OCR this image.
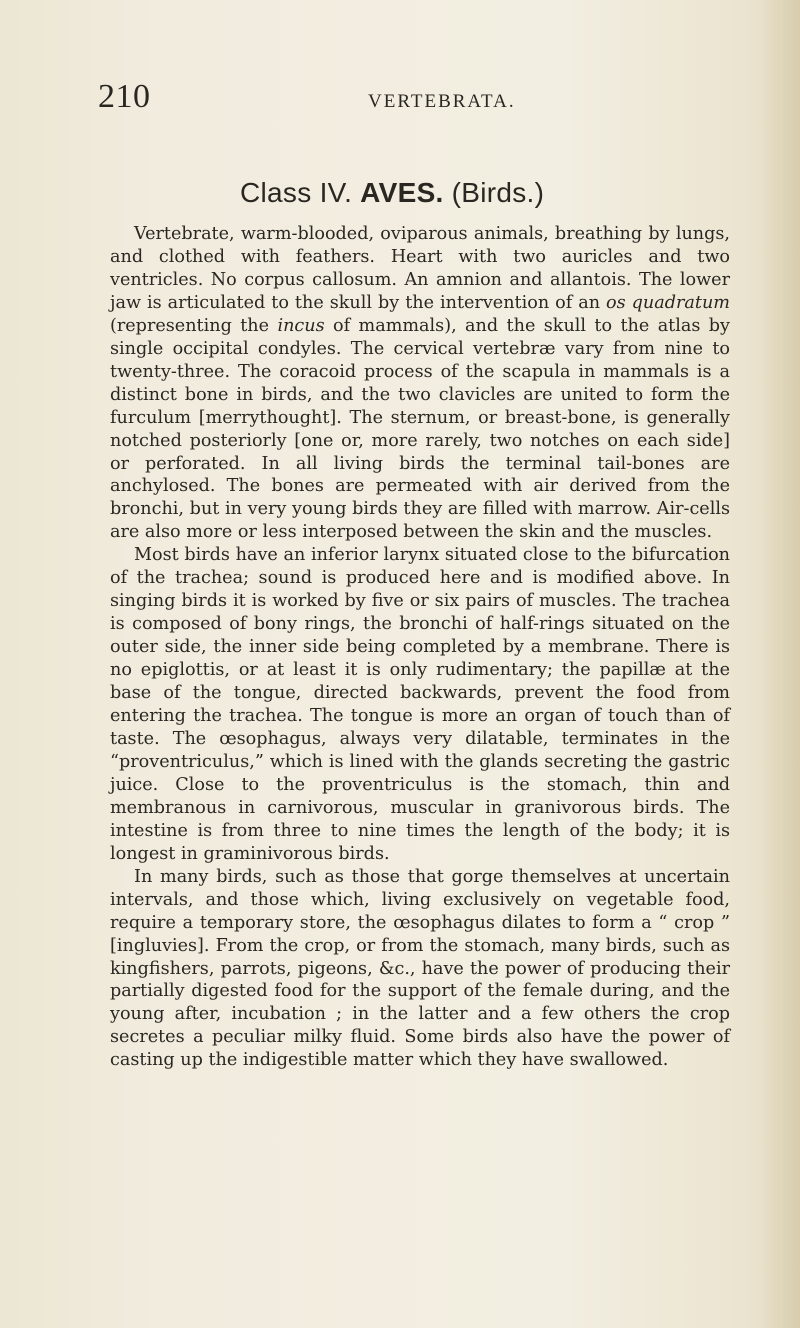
210	VERTEBRATA.
Class IV. AVES. (Birds.)

Vertebrate, warm-blooded, oviparous animals, breathing by lungs, and clothed with feathers. Heart with two auricles and two ventricles. No corpus callosum. An amnion and allantois. The lower jaw is articulated to the skull by the intervention of an os quadratum (representing the incus of mammals), and the skull to the atlas by single occipital condyles. The cervical vertebræ vary from nine to twenty-three. The coracoid process of the scapula in mammals is a distinct bone in birds, and the two clavicles are united to form the furculum [merrythought]. The sternum, or breast-bone, is generally notched posteriorly [one or, more rarely, two notches on each side] or perforated. In all living birds the terminal tail-bones are anchylosed. The bones are permeated with air derived from the bronchi, but in very young birds they are filled with marrow. Air-cells are also more or less interposed between the skin and the muscles.

Most birds have an inferior larynx situated close to the bifurcation of the trachea; sound is produced here and is modified above. In singing birds it is worked by five or six pairs of muscles. The trachea is composed of bony rings, the bronchi of half-rings situated on the outer side, the inner side being completed by a membrane. There is no epiglottis, or at least it is only rudimentary; the papillæ at the base of the tongue, directed backwards, prevent the food from entering the trachea. The tongue is more an organ of touch than of taste. The œsophagus, always very dilatable, terminates in the “proventriculus,” which is lined with the glands secreting the gastric juice. Close to the proventriculus is the stomach, thin and membranous in carnivorous, muscular in granivorous birds. The intestine is from three to nine times the length of the body; it is longest in graminivorous birds.

In many birds, such as those that gorge themselves at uncertain intervals, and those which, living exclusively on vegetable food, require a temporary store, the œsophagus dilates to form a “ crop ” [ingluvies]. From the crop, or from the stomach, many birds, such as kingfishers, parrots, pigeons, &c., have the power of producing their partially digested food for the support of the female during, and the young after, incubation ; in the latter and a few others the crop secretes a peculiar milky fluid. Some birds also have the power of casting up the indigestible matter which they have swallowed.
